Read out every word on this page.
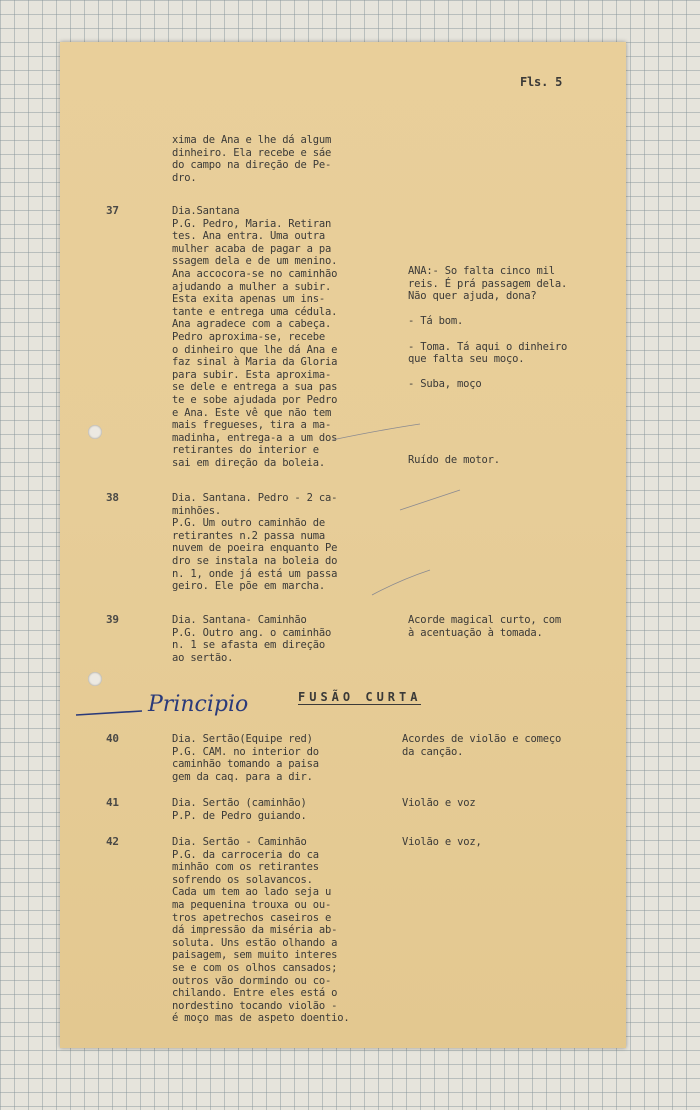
Fls. 5

xima de Ana e lhe dá algum
dinheiro. Ela recebe e sáe
do campo na direção de Pe-
dro.

37	Dia.Santana
P.G. Pedro, Maria. Retiran
tes. Ana entra. Uma outra
mulher acaba de pagar a pa
ssagem dela e de um menino.
Ana accocora-se no caminhão
ajudando a mulher a subir.
Esta exita apenas um ins-
tante e entrega uma cédula.
Ana agradece com a cabeça.
Pedro aproxima-se, recebe
o dinheiro que lhe dá Ana e
faz sinal à Maria da Gloria
para subir. Esta aproxima-
se dele e entrega a sua pas
te e sobe ajudada por Pedro
e Ana. Este vê que não tem
mais fregueses, tira a ma-
madinha, entrega-a a um dos
retirantes do interior e
sai em direção da boleia.

ANA:- So falta cinco mil
reis. É prá passagem dela.
Não quer ajuda, dona?

- Tá bom.

- Toma. Tá aqui o dinheiro
que falta seu moço.

- Suba, moço

Ruído de motor.

38	Dia. Santana. Pedro - 2 ca-
minhões.
P.G. Um outro caminhão de
retirantes n.2 passa numa
nuvem de poeira enquanto Pe
dro se instala na boleia do
n. 1, onde já está um passa
geiro. Ele põe em marcha.

39	Dia. Santana- Caminhão
P.G. Outro ang. o caminhão
n. 1 se afasta em direção
ao sertão.

Acorde magical curto, com
à acentuação à tomada.

FUSÃO CURTA
Principio

40	Dia. Sertão(Equipe red)
P.G. CAM. no interior do
caminhão tomando a paisa
gem da caq. para a dir.

Acordes de violão e começo
da canção.

41	Dia. Sertão (caminhão)
P.P. de Pedro guiando.

Violão e voz

42	Dia. Sertão - Caminhão
P.G. da carroceria do ca
minhão com os retirantes
sofrendo os solavancos.
Cada um tem ao lado seja u
ma pequenina trouxa ou ou-
tros apetrechos caseiros e
dá impressão da miséria ab-
soluta. Uns estão olhando a
paisagem, sem muito interes
se e com os olhos cansados;
outros vão dormindo ou co-
chilando. Entre eles está o
nordestino tocando violão -
é moço mas de aspeto doentio.

Violão e voz,
